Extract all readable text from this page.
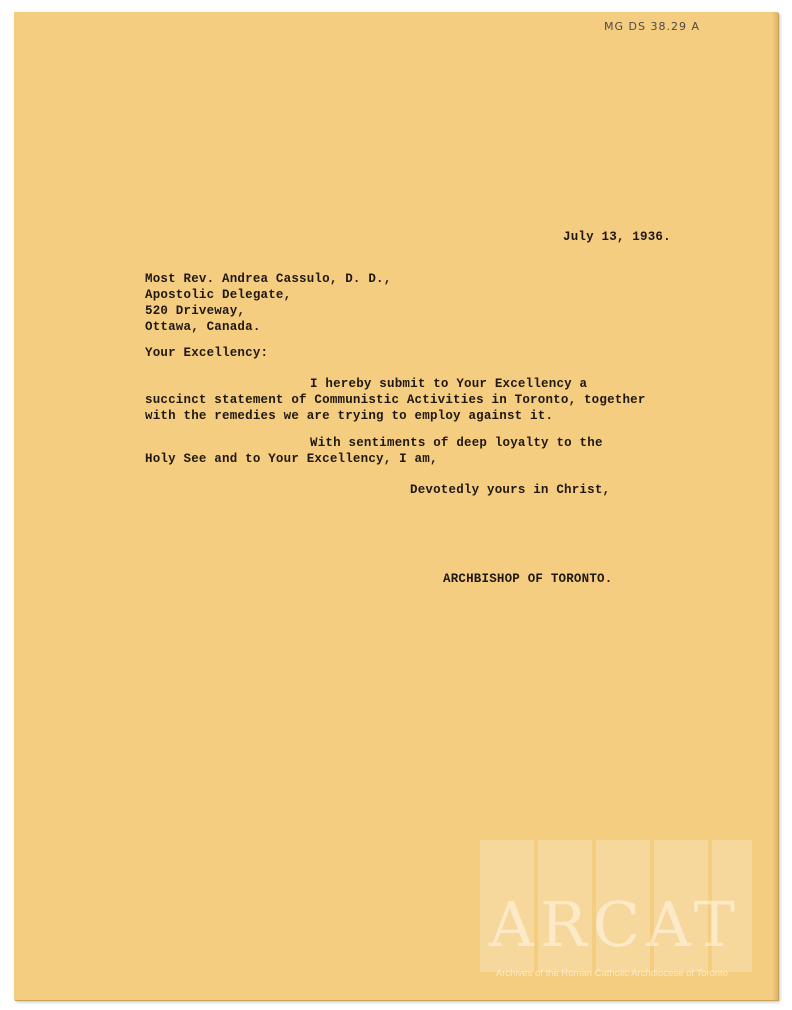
MG DS 38.29 A
July 13, 1936.
Most Rev. Andrea Cassulo, D. D.,
Apostolic Delegate,
520 Driveway,
Ottawa, Canada.
Your Excellency:
I hereby submit to Your Excellency a
succinct statement of Communistic Activities in Toronto, together
with the remedies we are trying to employ against it.
With sentiments of deep loyalty to the
Holy See and to Your Excellency, I am,
Devotedly yours in Christ,
ARCHBISHOP OF TORONTO.
ARCAT
Archives of the Roman Catholic Archdiocese of Toronto
